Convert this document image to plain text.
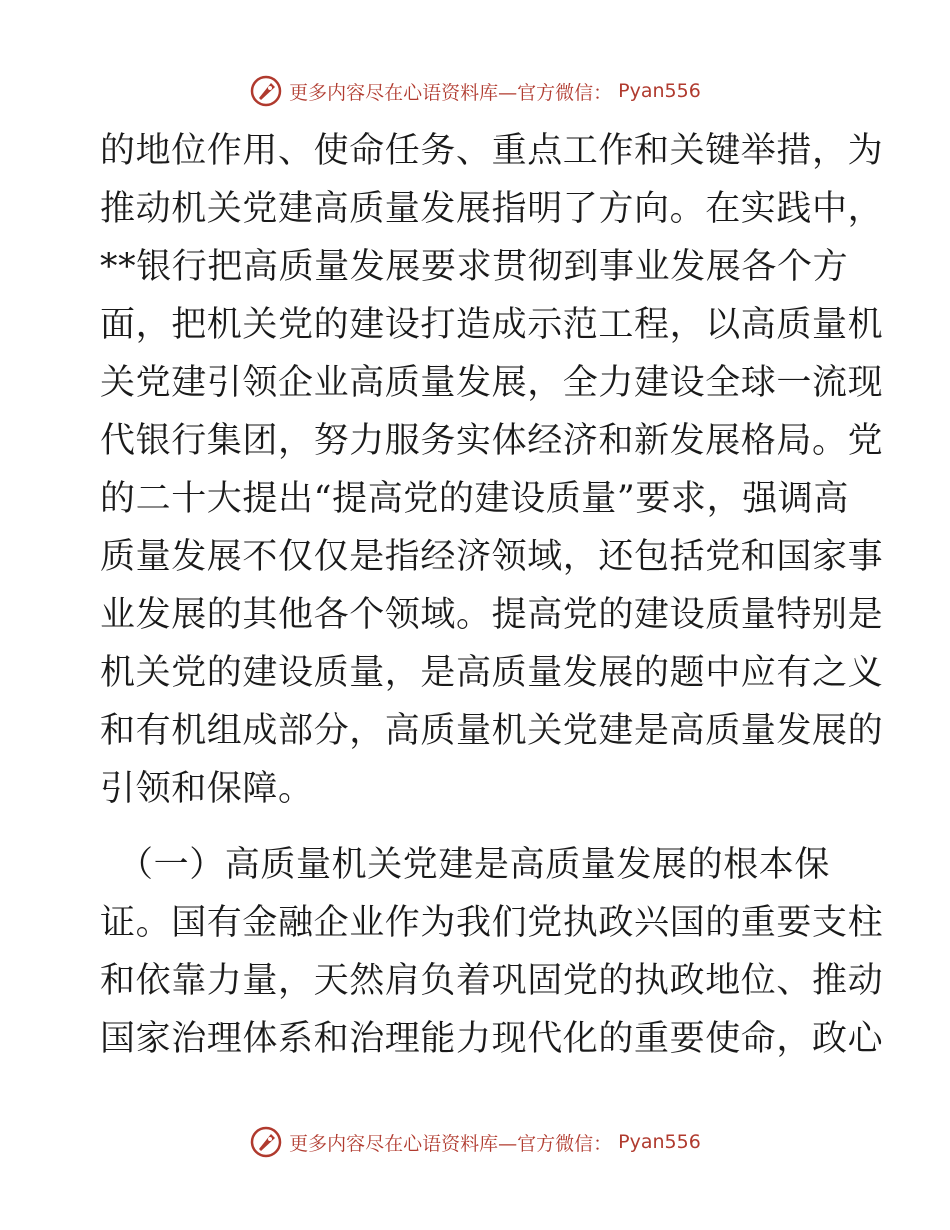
更多内容尽在心语资料库—官方微信： Pyan556
的地位作用、使命任务、重点工作和关键举措，为
推动机关党建高质量发展指明了方向。在实践中，
**银行把高质量发展要求贯彻到事业发展各个方
面，把机关党的建设打造成示范工程，以高质量机
关党建引领企业高质量发展，全力建设全球一流现
代银行集团，努力服务实体经济和新发展格局。党
的二十大提出“提高党的建设质量”要求，强调高
质量发展不仅仅是指经济领域，还包括党和国家事
业发展的其他各个领域。提高党的建设质量特别是
机关党的建设质量，是高质量发展的题中应有之义
和有机组成部分，高质量机关党建是高质量发展的
引领和保障。
（一）高质量机关党建是高质量发展的根本保
证。国有金融企业作为我们党执政兴国的重要支柱
和依靠力量，天然肩负着巩固党的执政地位、推动
国家治理体系和治理能力现代化的重要使命，政心
更多内容尽在心语资料库—官方微信： Pyan556
